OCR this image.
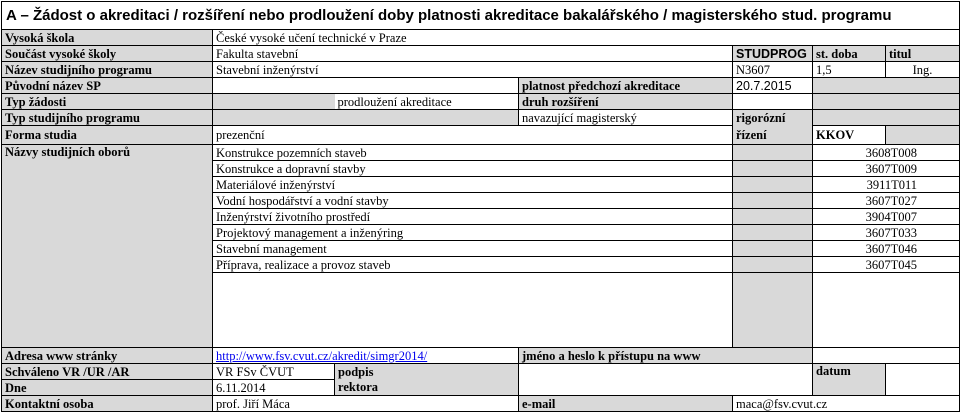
A – Žádost o akreditaci / rozšíření nebo prodloužení doby platnosti akreditace bakalářského / magisterského stud. programu						
Vysoká škola	České vysoké učení technické v Praze					
Součást vysoké školy	Fakulta stavební			STUDPROG	st. doba	titul
Název studijního programu	Stavební inženýrství			N3607	1,5	Ing.
Původní název SP			platnost předchozí akreditace	20.7.2015		
Typ žádosti		prodloužení akreditace	druh rozšíření			
Typ studijního programu			navazující magisterský	rigorózní		
Forma studia	prezenční			řízení	KKOV	
Názvy studijních oborů	Konstrukce pozemních staveb				3608T008	
	Konstrukce a dopravní stavby				3607T009	
	Materiálové inženýrství				3911T011	
	Vodní hospodářství a vodní stavby				3607T027	
	Inženýrství životního prostředí				3904T007	
	Projektový management a inženýring				3607T033	
	Stavební management				3607T046	
	Příprava, realizace a provoz staveb				3607T045	

Adresa www stránky	http://www.fsv.cvut.cz/akredit/simgr2014/		jméno a heslo k přístupu na www			
Schváleno VR /UR /AR	VR FSv ČVUT	podpis			datum	
Dne	6.11.2014	rektora				
Kontaktní osoba	prof. Jiří Máca		e-mail	maca@fsv.cvut.cz		
